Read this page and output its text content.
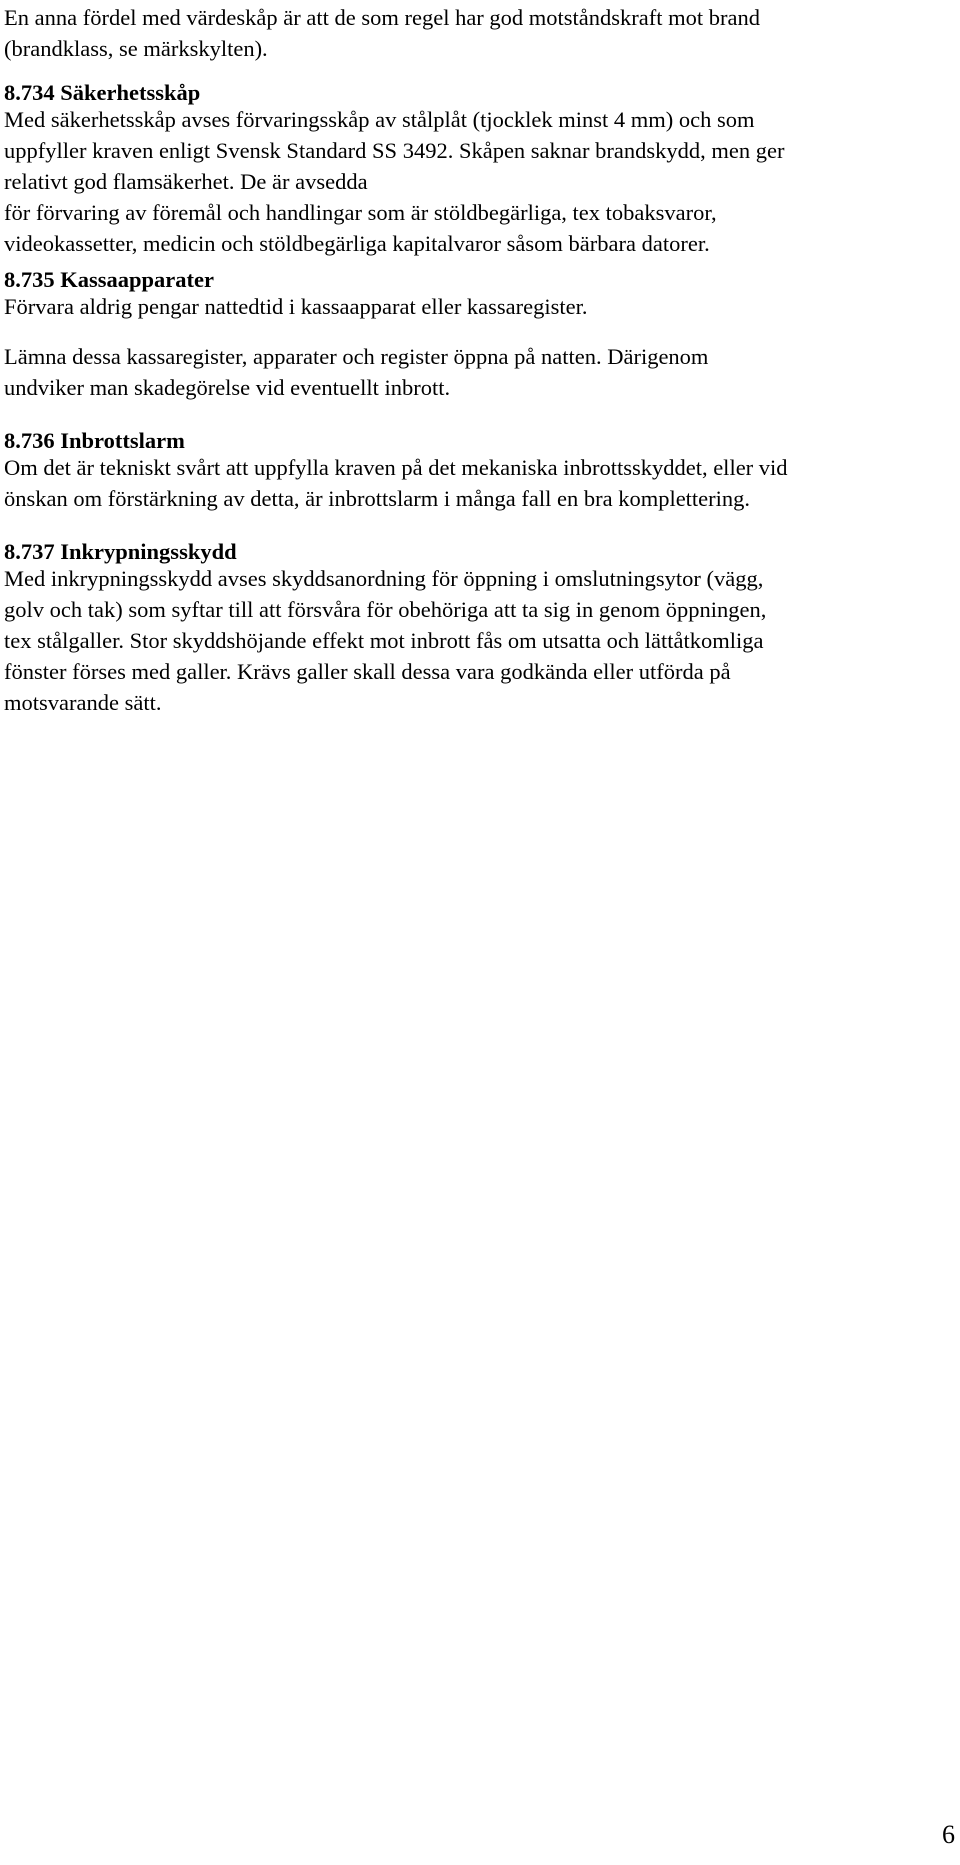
En anna fördel med värdeskåp är att de som regel har god motståndskraft mot brand
(brandklass, se märkskylten).

8.734 Säkerhetsskåp

Med säkerhetsskåp avses förvaringsskåp av stålplåt (tjocklek minst 4 mm) och som
uppfyller kraven enligt Svensk Standard SS 3492. Skåpen saknar brandskydd, men ger
relativt god flamsäkerhet. De är avsedda
för förvaring av föremål och handlingar som är stöldbegärliga, tex tobaksvaror,
videokassetter, medicin och stöldbegärliga kapitalvaror såsom bärbara datorer.

8.735 Kassaapparater

Förvara aldrig pengar nattedtid i kassaapparat eller kassaregister.

Lämna dessa kassaregister, apparater och register öppna på natten. Därigenom
undviker man skadegörelse vid eventuellt inbrott.

8.736 Inbrottslarm

Om det är tekniskt svårt att uppfylla kraven på det mekaniska inbrottsskyddet, eller vid
önskan om förstärkning av detta, är inbrottslarm i många fall en bra komplettering.

8.737 Inkrypningsskydd

Med inkrypningsskydd avses skyddsanordning för öppning i omslutningsytor (vägg,
golv och tak) som syftar till att försvåra för obehöriga att ta sig in genom öppningen,
tex stålgaller. Stor skyddshöjande effekt mot inbrott fås om utsatta och lättåtkomliga
fönster förses med galler. Krävs galler skall dessa vara godkända eller utförda på
motsvarande sätt.

6
